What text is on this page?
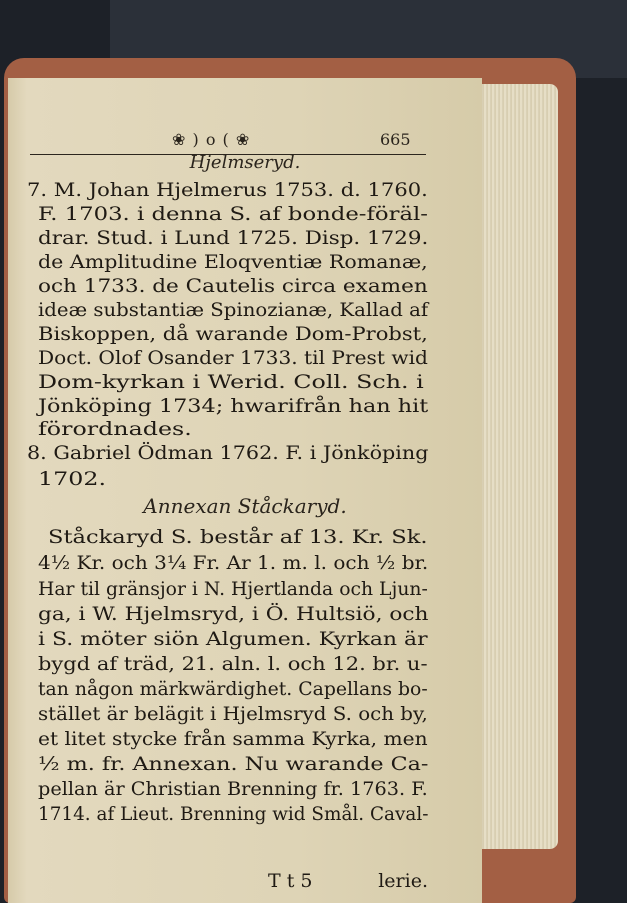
❀ ) o ( ❀	665
Hjelmseryd.
7. M. Johan Hjelmerus 1753. d. 1760.
F. 1703. i denna S. af bonde-föräl-
drar. Stud. i Lund 1725. Disp. 1729.
de Amplitudine Eloqventiæ Romanæ,
och 1733. de Cautelis circa examen
ideæ substantiæ Spinozianæ, Kallad af
Biskoppen, då warande Dom-Probst,
Doct. Olof Osander 1733. til Prest wid
Dom-kyrkan i Werid. Coll. Sch. i
Jönköping 1734; hwarifrån han hit
förordnades.
8. Gabriel Ödman 1762. F. i Jönköping
1702.
Annexan Ståckaryd.
Ståckaryd S. består af 13. Kr. Sk.
4½ Kr. och 3¼ Fr. Ar 1. m. l. och ½ br.
Har til gränsjor i N. Hjertlanda och Ljun-
ga, i W. Hjelmsryd, i Ö. Hultsiö, och
i S. möter siön Algumen. Kyrkan är
bygd af träd, 21. aln. l. och 12. br. u-
tan någon märkwärdighet. Capellans bo-
stället är belägit i Hjelmsryd S. och by,
et litet stycke från samma Kyrka, men
½ m. fr. Annexan. Nu warande Ca-
pellan är Christian Brenning fr. 1763. F.
1714. af Lieut. Brenning wid Smål. Caval-
T t 5	lerie.
